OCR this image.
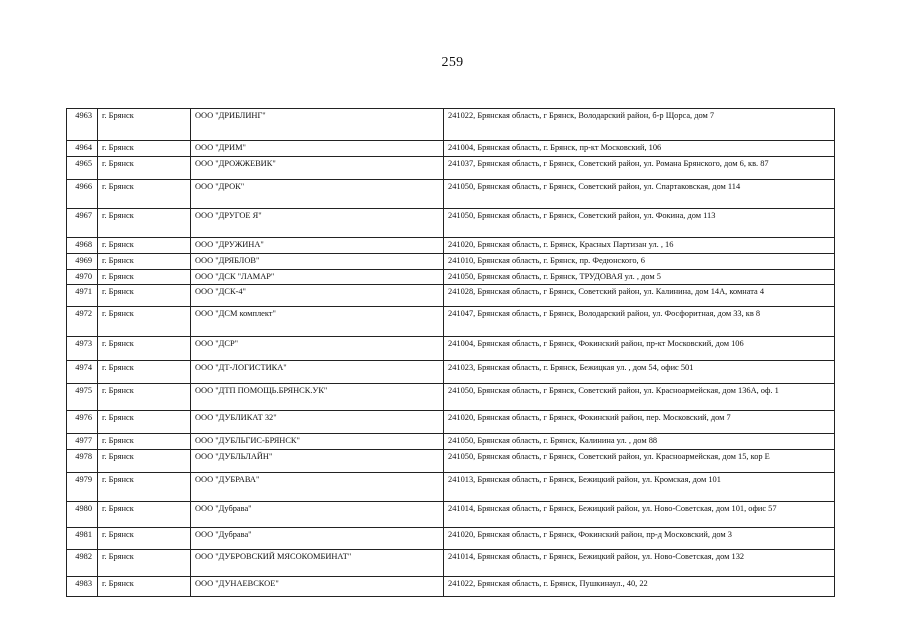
259
4963	г. Брянск	ООО "ДРИБЛИНГ"	241022, Брянская область, г Брянск, Володарский район, б-р Щорса, дом 7
4964	г. Брянск	ООО "ДРИМ"	241004, Брянская область, г. Брянск, пр-кт Московский, 106
4965	г. Брянск	ООО "ДРОЖЖЕВИК"	241037, Брянская область, г Брянск, Советский район, ул. Романа Брянского, дом 6, кв. 87
4966	г. Брянск	ООО "ДРОК"	241050, Брянская область, г Брянск, Советский район, ул. Спартаковская, дом 114
4967	г. Брянск	ООО "ДРУГОЕ Я"	241050, Брянская область, г Брянск, Советский район, ул. Фокина, дом 113
4968	г. Брянск	ООО "ДРУЖИНА"	241020, Брянская область, г. Брянск, Красных Партизан ул. , 16
4969	г. Брянск	ООО "ДРЯБЛОВ"	241010, Брянская область, г. Брянск, пр. Федюнского, 6
4970	г. Брянск	ООО "ДСК "ЛАМАР"	241050, Брянская область, г. Брянск, ТРУДОВАЯ ул. , дом 5
4971	г. Брянск	ООО "ДСК-4"	241028, Брянская область, г Брянск, Советский район, ул. Калинина, дом 14А, комната 4
4972	г. Брянск	ООО "ДСМ комплект"	241047, Брянская область, г Брянск, Володарский район, ул. Фосфоритная, дом 33, кв 8
4973	г. Брянск	ООО "ДСР"	241004, Брянская область, г Брянск, Фокинский район, пр-кт Московский, дом 106
4974	г. Брянск	ООО "ДТ-ЛОГИСТИКА"	241023, Брянская область, г. Брянск, Бежицкая ул. , дом 54, офис 501
4975	г. Брянск	ООО "ДТП ПОМОЩЬ.БРЯНСК.УК"	241050, Брянская область, г Брянск, Советский район, ул. Красноармейская, дом 136А, оф. 1
4976	г. Брянск	ООО "ДУБЛИКАТ 32"	241020, Брянская область, г Брянск, Фокинский район, пер. Московский, дом 7
4977	г. Брянск	ООО "ДУБЛЬГИС-БРЯНСК"	241050, Брянская область, г. Брянск, Калинина ул. , дом 88
4978	г. Брянск	ООО "ДУБЛЬЛАЙН"	241050, Брянская область, г Брянск, Советский район, ул. Красноармейская, дом 15, кор Е
4979	г. Брянск	ООО "ДУБРАВА"	241013, Брянская область, г Брянск, Бежицкий район, ул. Кромская, дом 101
4980	г. Брянск	ООО "Дубрава"	241014, Брянская область, г Брянск, Бежицкий район, ул. Ново-Советская, дом 101, офис 57
4981	г. Брянск	ООО "Дубрава"	241020, Брянская область, г Брянск, Фокинский район, пр-д Московский, дом 3
4982	г. Брянск	ООО "ДУБРОВСКИЙ МЯСОКОМБИНАТ"	241014, Брянская область, г Брянск, Бежицкий район, ул. Ново-Советская, дом 132
4983	г. Брянск	ООО "ДУНАЕВСКОЕ"	241022, Брянская область, г. Брянск, Пушкинаул., 40, 22
